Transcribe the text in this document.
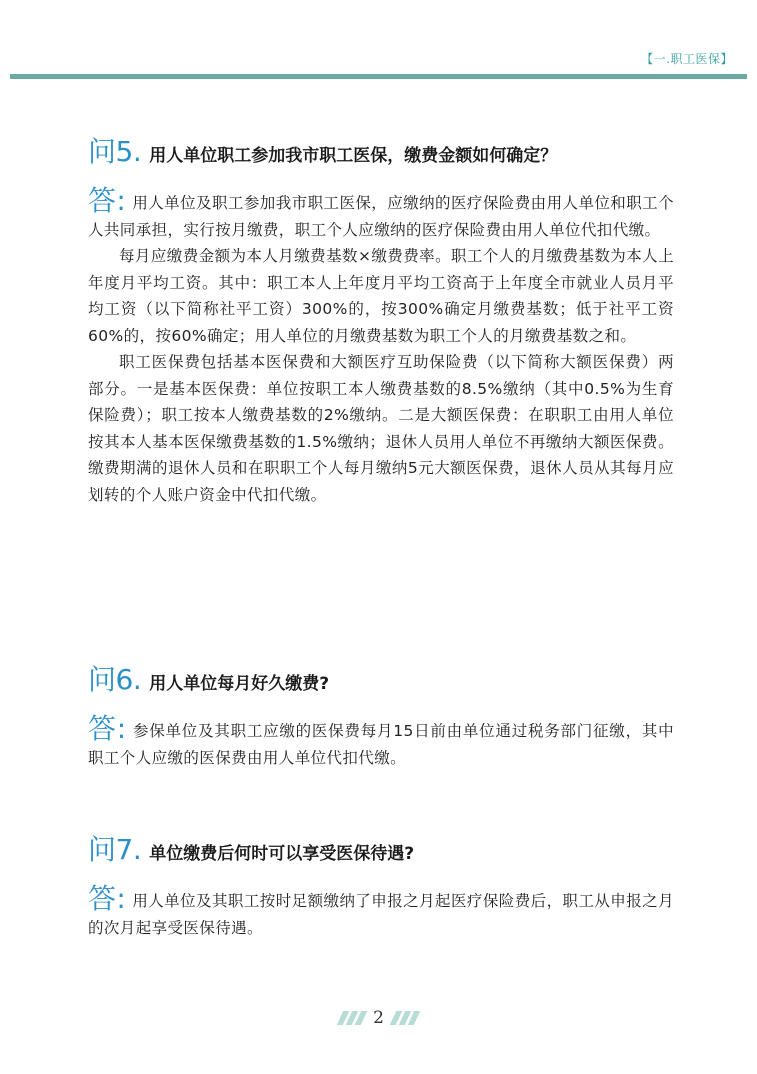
【一.职工医保】
问5. 用人单位职工参加我市职工医保，缴费金额如何确定？

答: 用人单位及职工参加我市职工医保，应缴纳的医疗保险费由用人单位和职工个人共同承担，实行按月缴费，职工个人应缴纳的医疗保险费由用人单位代扣代缴。

每月应缴费金额为本人月缴费基数×缴费费率。职工个人的月缴费基数为本人上年度月平均工资。其中：职工本人上年度月平均工资高于上年度全市就业人员月平均工资（以下简称社平工资）300%的，按300%确定月缴费基数；低于社平工资60%的，按60%确定；用人单位的月缴费基数为职工个人的月缴费基数之和。

职工医保费包括基本医保费和大额医疗互助保险费（以下简称大额医保费）两部分。一是基本医保费：单位按职工本人缴费基数的8.5%缴纳（其中0.5%为生育保险费）；职工按本人缴费基数的2%缴纳。二是大额医保费：在职职工由用人单位按其本人基本医保缴费基数的1.5%缴纳；退休人员用人单位不再缴纳大额医保费。缴费期满的退休人员和在职职工个人每月缴纳5元大额医保费，退休人员从其每月应划转的个人账户资金中代扣代缴。

问6. 用人单位每月好久缴费?

答: 参保单位及其职工应缴的医保费每月15日前由单位通过税务部门征缴，其中职工个人应缴的医保费由用人单位代扣代缴。

问7. 单位缴费后何时可以享受医保待遇?

答: 用人单位及其职工按时足额缴纳了申报之月起医疗保险费后，职工从申报之月的次月起享受医保待遇。

2
